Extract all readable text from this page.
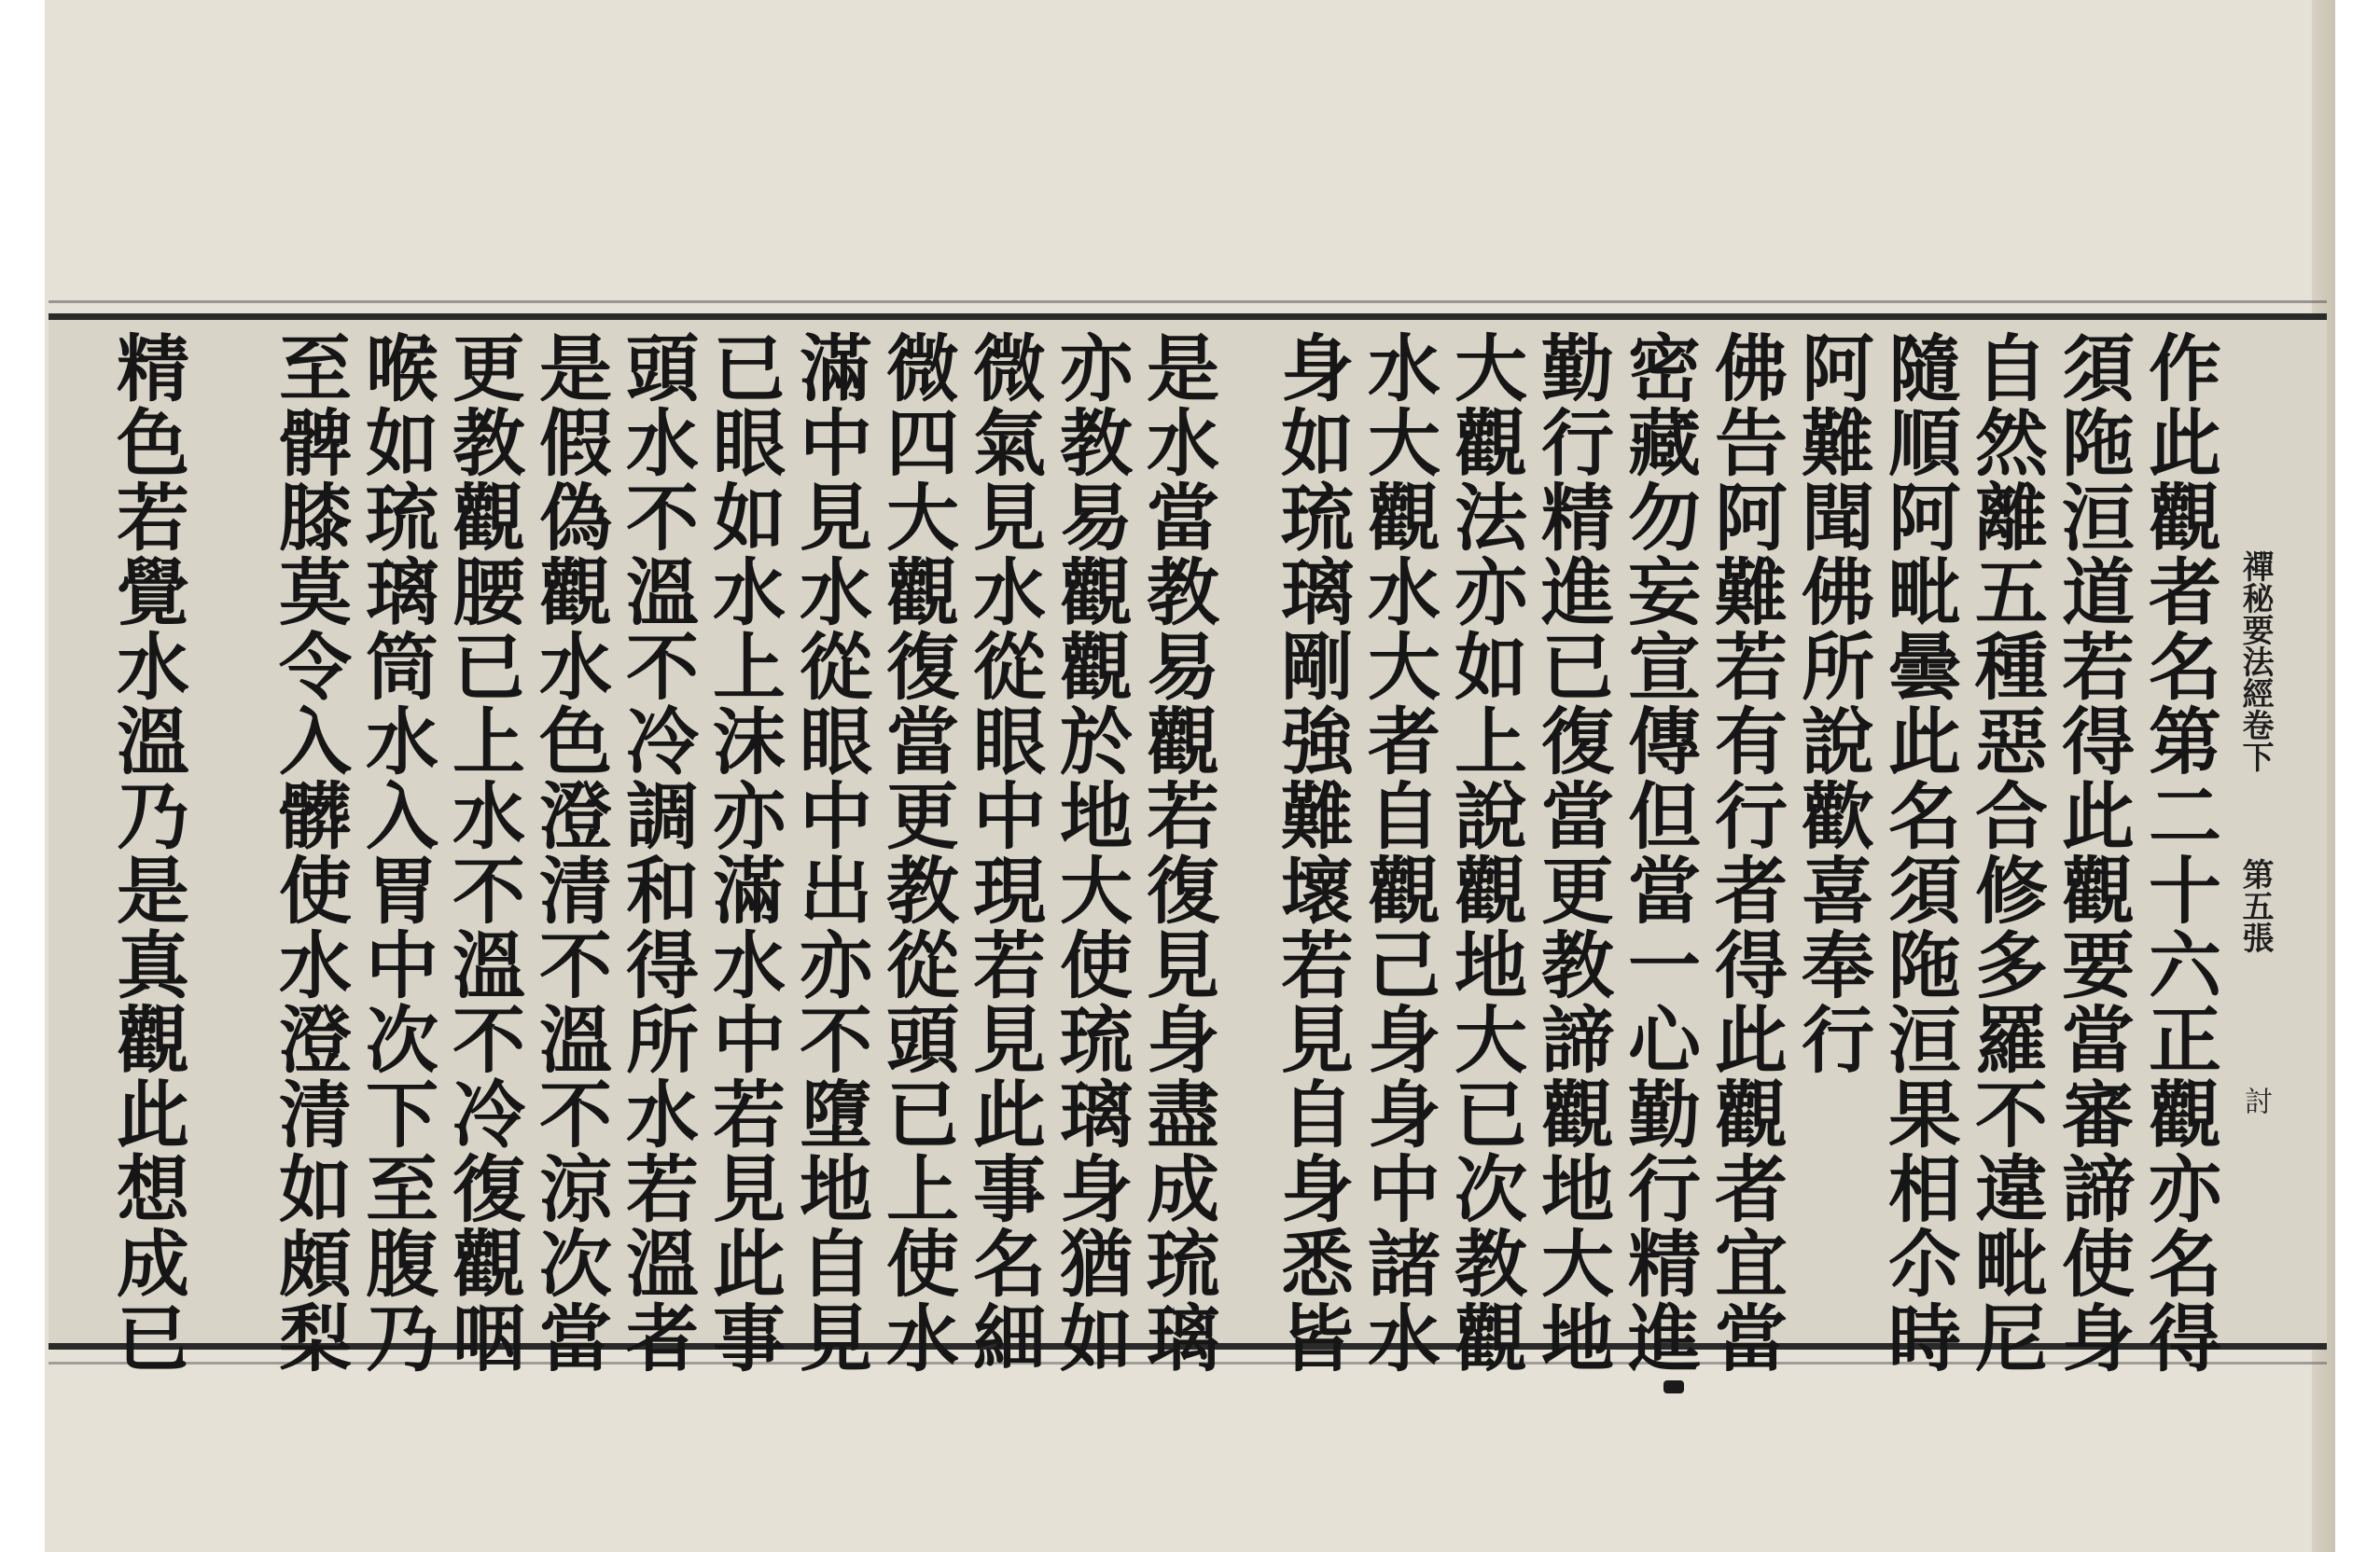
禪秘要法經卷下
第五張
討
作此觀者名第二十六正觀亦名得
須陁洹道若得此觀要當審諦使身
自然離五種惡合修多羅不違毗尼
隨順阿毗曇此名須陁洹果相尒時
阿難聞佛所說歡喜奉行
佛告阿難若有行者得此觀者宜當
密藏勿妄宣傳但當一心勤行精進
勤行精進已復當更教諦觀地大地
大觀法亦如上說觀地大已次教觀
水大觀水大者自觀己身身中諸水
身如琉璃剛強難壞若見自身悉皆
是水當教易觀若復見身盡成琉璃
亦教易觀觀於地大使琉璃身猶如
微氣見水從眼中現若見此事名細
微四大觀復當更教從頭已上使水
滿中見水從眼中出亦不墮地自見
已眼如水上沫亦滿水中若見此事
頭水不溫不冷調和得所水若溫者
是假偽觀水色澄清不溫不涼次當
更教觀腰已上水不溫不冷復觀咽
喉如琉璃筒水入胃中次下至腹乃
至髀膝莫令入髒使水澄清如頗梨
精色若覺水溫乃是真觀此想成已
